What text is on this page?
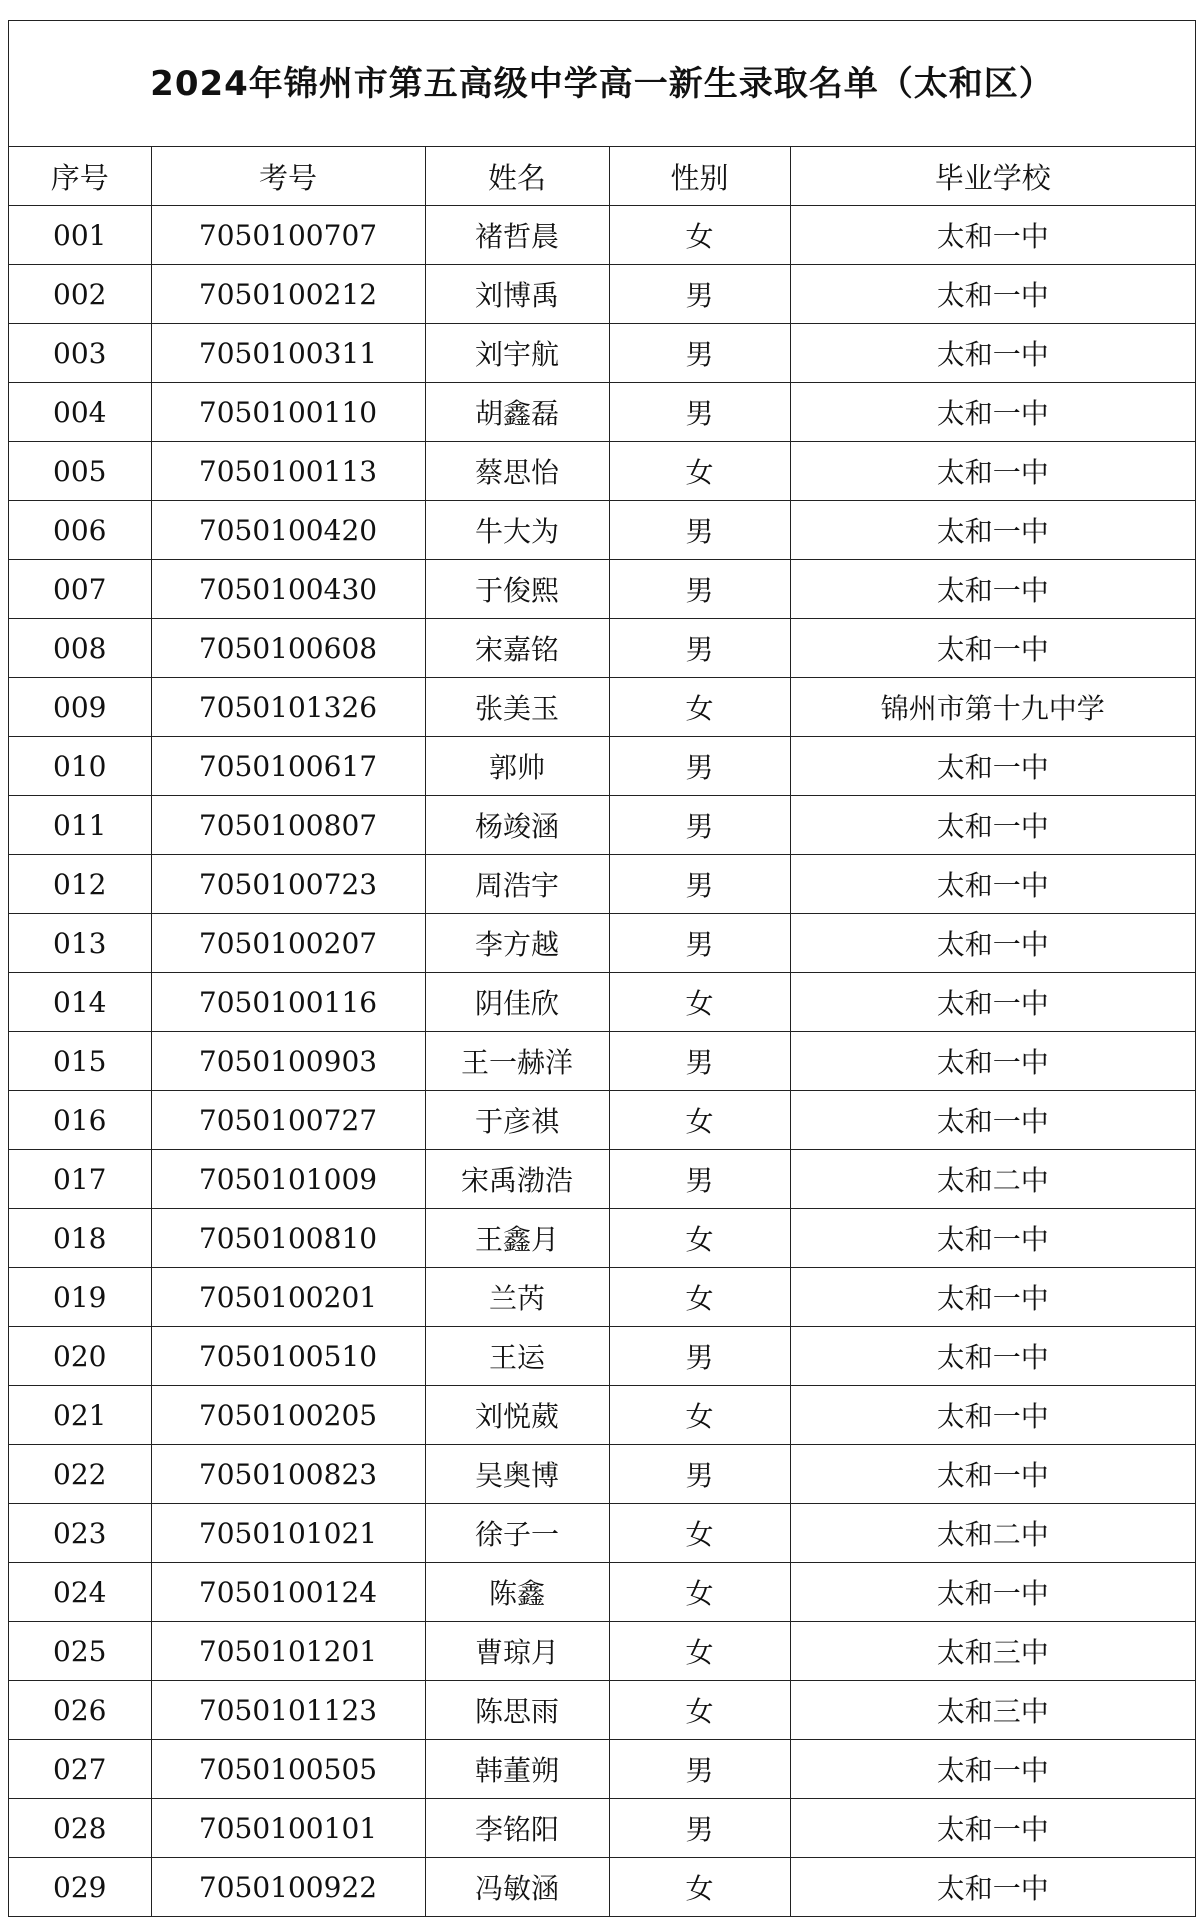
2024年锦州市第五高级中学高一新生录取名单（太和区）
序号	考号	姓名	性别	毕业学校
001	7050100707	褚哲晨	女	太和一中
002	7050100212	刘博禹	男	太和一中
003	7050100311	刘宇航	男	太和一中
004	7050100110	胡鑫磊	男	太和一中
005	7050100113	蔡思怡	女	太和一中
006	7050100420	牛大为	男	太和一中
007	7050100430	于俊熙	男	太和一中
008	7050100608	宋嘉铭	男	太和一中
009	7050101326	张美玉	女	锦州市第十九中学
010	7050100617	郭帅	男	太和一中
011	7050100807	杨竣涵	男	太和一中
012	7050100723	周浩宇	男	太和一中
013	7050100207	李方越	男	太和一中
014	7050100116	阴佳欣	女	太和一中
015	7050100903	王一赫洋	男	太和一中
016	7050100727	于彦祺	女	太和一中
017	7050101009	宋禹渤浩	男	太和二中
018	7050100810	王鑫月	女	太和一中
019	7050100201	兰芮	女	太和一中
020	7050100510	王运	男	太和一中
021	7050100205	刘悦葳	女	太和一中
022	7050100823	吴奥博	男	太和一中
023	7050101021	徐子一	女	太和二中
024	7050100124	陈鑫	女	太和一中
025	7050101201	曹琼月	女	太和三中
026	7050101123	陈思雨	女	太和三中
027	7050100505	韩董朔	男	太和一中
028	7050100101	李铭阳	男	太和一中
029	7050100922	冯敏涵	女	太和一中
